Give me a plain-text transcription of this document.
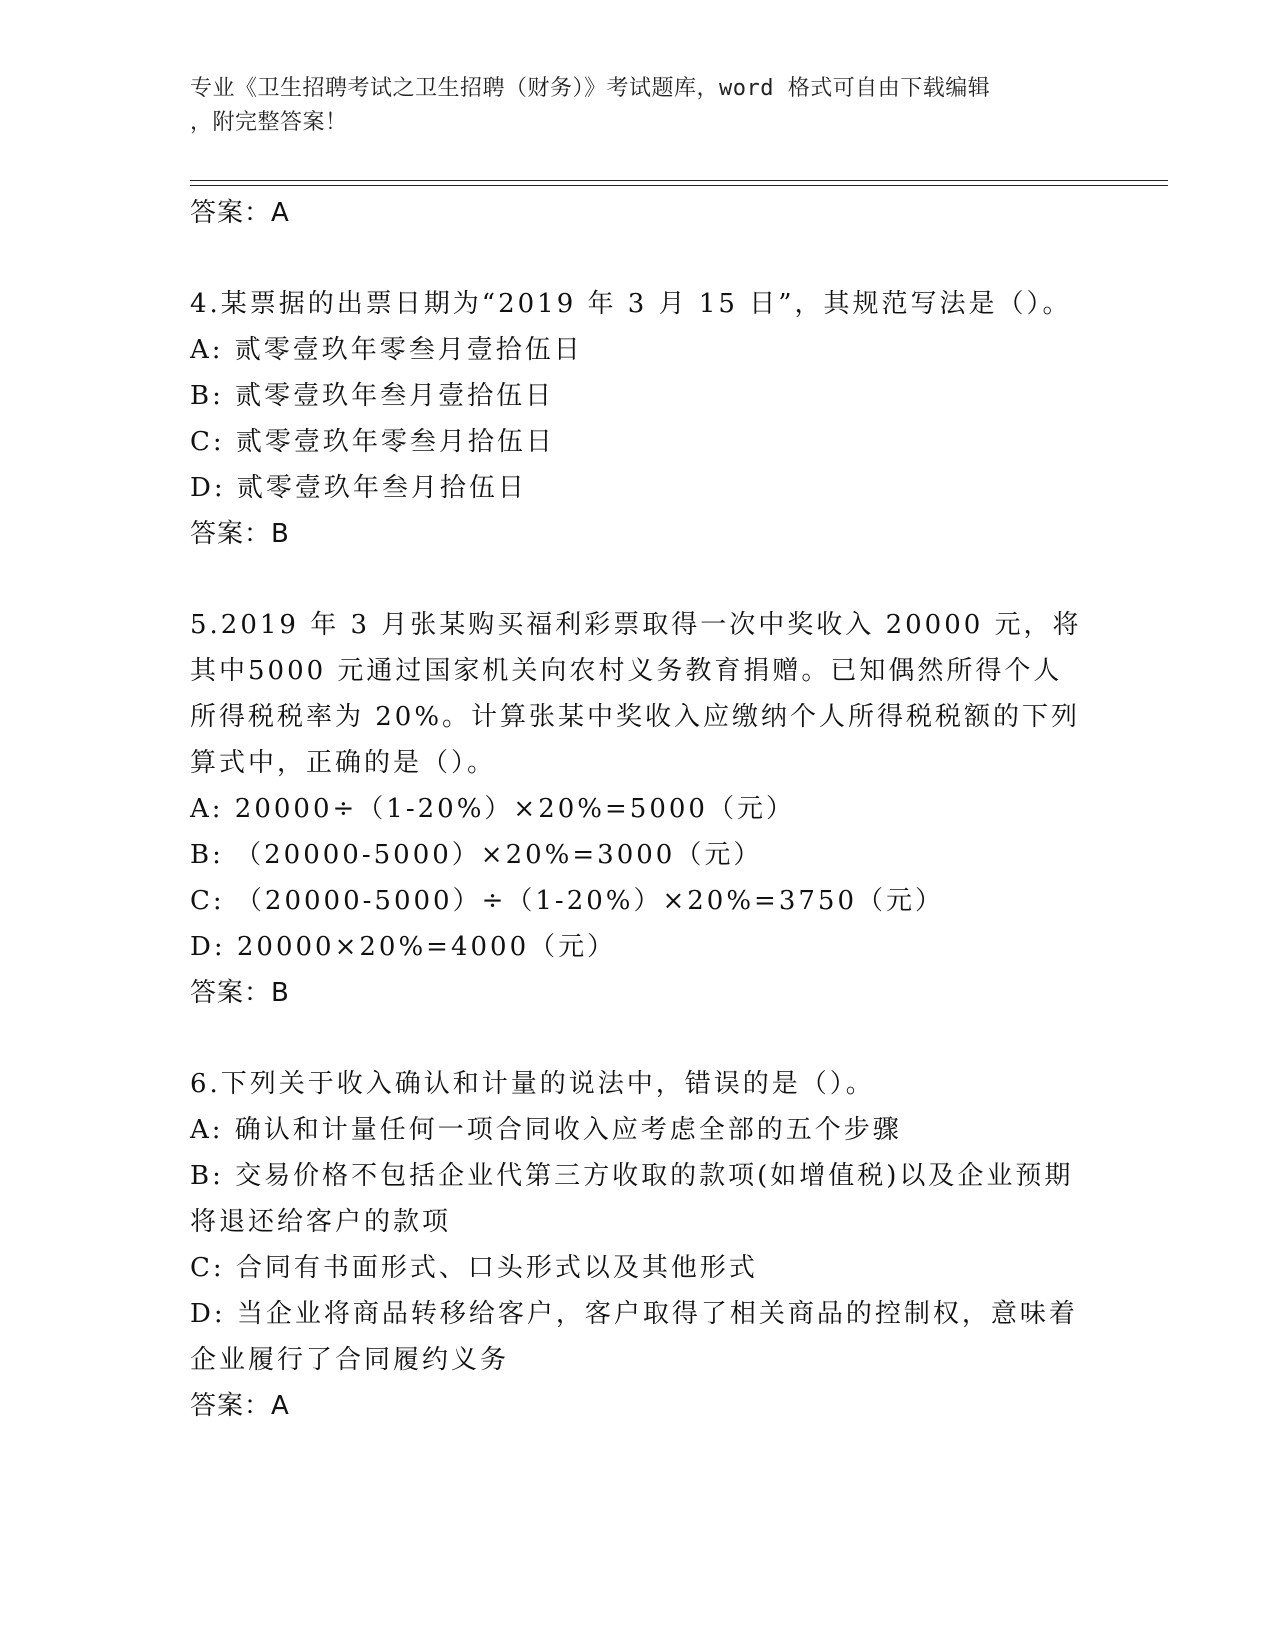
专业《卫生招聘考试之卫生招聘（财务）》考试题库，word 格式可自由下载编辑
，附完整答案！

答案：A

4.某票据的出票日期为“2019 年 3 月 15 日”，其规范写法是（）。

A: 贰零壹玖年零叁月壹拾伍日

B: 贰零壹玖年叁月壹拾伍日

C: 贰零壹玖年零叁月拾伍日

D: 贰零壹玖年叁月拾伍日

答案：B

5.2019 年 3 月张某购买福利彩票取得一次中奖收入 20000 元，将其中5000 元通过国家机关向农村义务教育捐赠。已知偶然所得个人所得税税率为 20%。计算张某中奖收入应缴纳个人所得税税额的下列算式中，正确的是（）。

A: 20000÷（1-20%）×20%=5000（元）

B: （20000-5000）×20%=3000（元）

C: （20000-5000）÷（1-20%）×20%=3750（元）

D: 20000×20%=4000（元）

答案：B

6.下列关于收入确认和计量的说法中，错误的是（）。

A: 确认和计量任何一项合同收入应考虑全部的五个步骤

B: 交易价格不包括企业代第三方收取的款项(如增值税)以及企业预期将退还给客户的款项

C: 合同有书面形式、口头形式以及其他形式

D: 当企业将商品转移给客户，客户取得了相关商品的控制权，意味着企业履行了合同履约义务

答案：A
